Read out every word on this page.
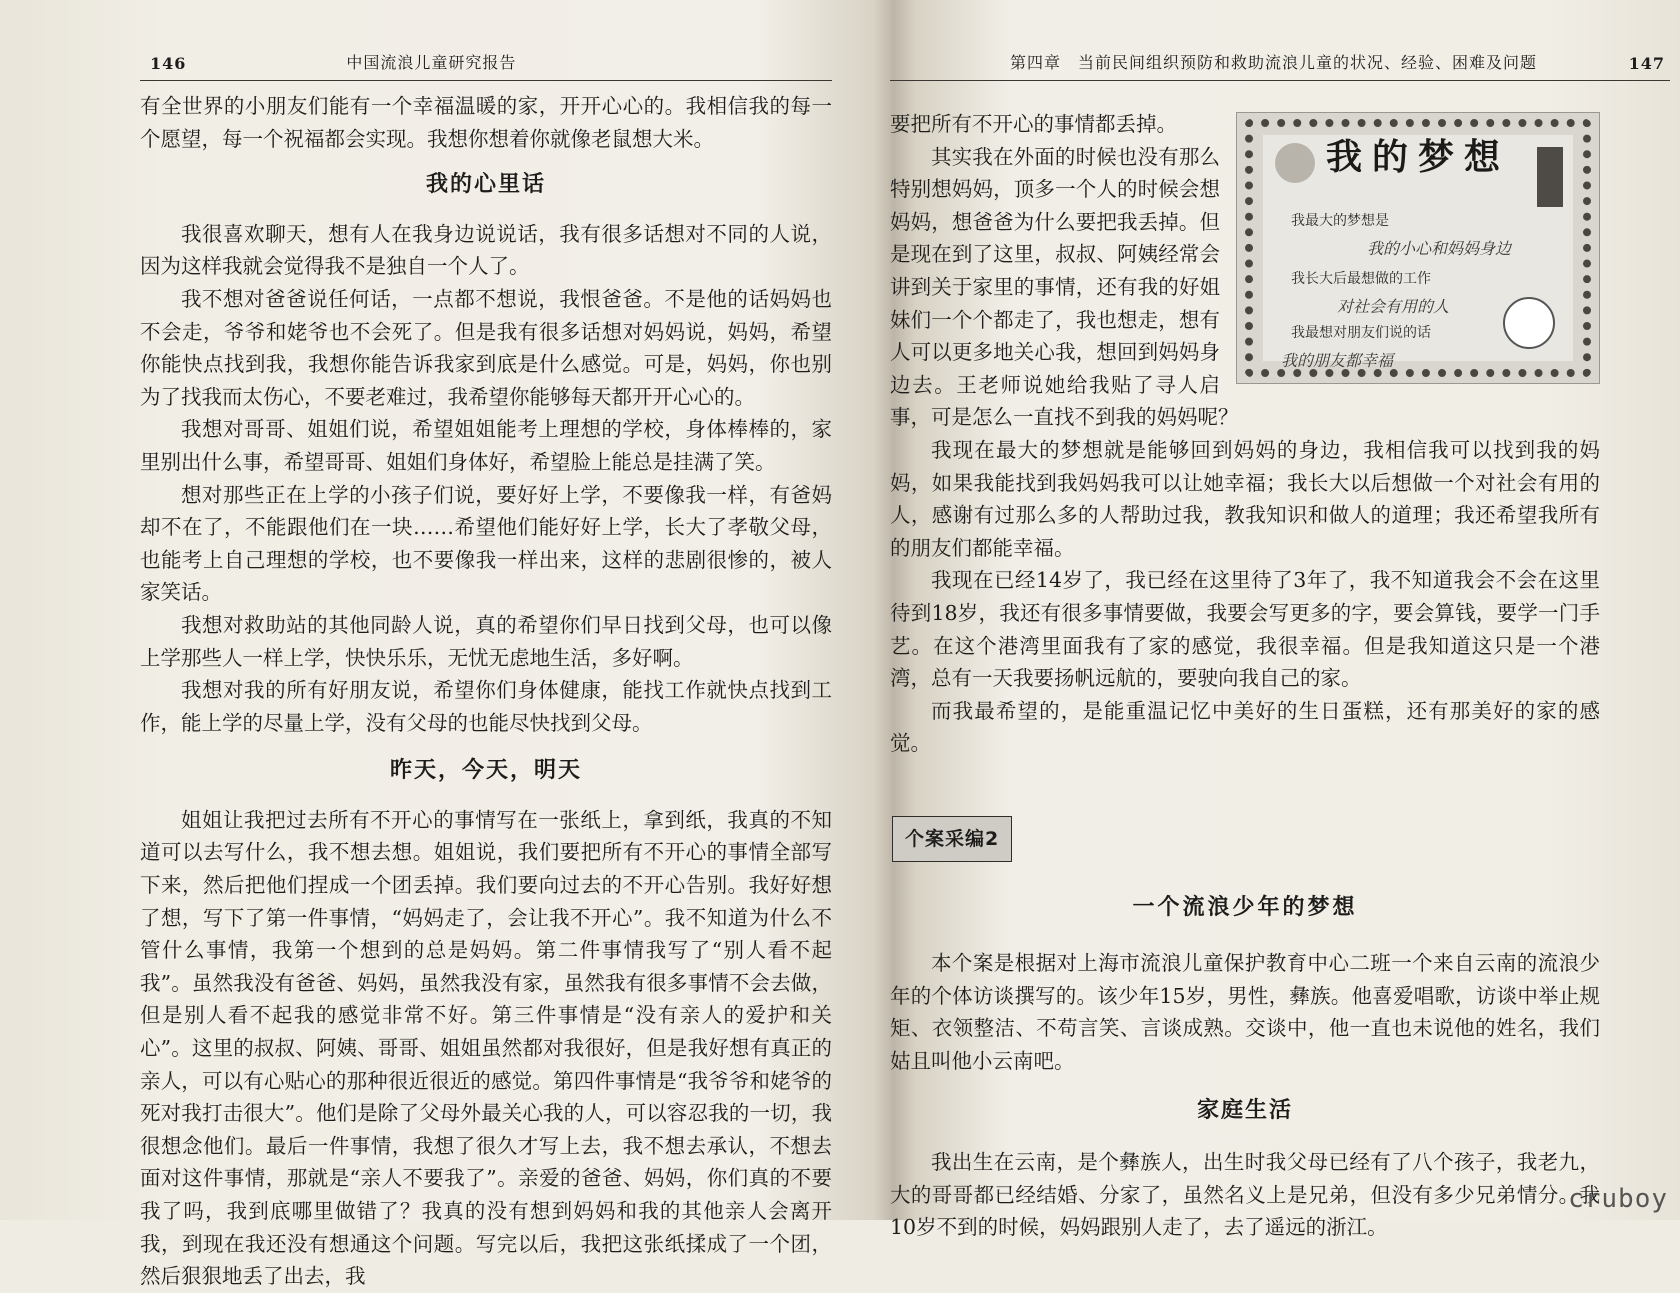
146	中国流浪儿童研究报告

有全世界的小朋友们能有一个幸福温暖的家，开开心心的。我相信我的每一个愿望，每一个祝福都会实现。我想你想着你就像老鼠想大米。

我的心里话

我很喜欢聊天，想有人在我身边说说话，我有很多话想对不同的人说，因为这样我就会觉得我不是独自一个人了。

我不想对爸爸说任何话，一点都不想说，我恨爸爸。不是他的话妈妈也不会走，爷爷和姥爷也不会死了。但是我有很多话想对妈妈说，妈妈，希望你能快点找到我，我想你能告诉我家到底是什么感觉。可是，妈妈，你也别为了找我而太伤心，不要老难过，我希望你能够每天都开开心心的。

我想对哥哥、姐姐们说，希望姐姐能考上理想的学校，身体棒棒的，家里别出什么事，希望哥哥、姐姐们身体好，希望脸上能总是挂满了笑。

想对那些正在上学的小孩子们说，要好好上学，不要像我一样，有爸妈却不在了，不能跟他们在一块……希望他们能好好上学，长大了孝敬父母，也能考上自己理想的学校，也不要像我一样出来，这样的悲剧很惨的，被人家笑话。

我想对救助站的其他同龄人说，真的希望你们早日找到父母，也可以像上学那些人一样上学，快快乐乐，无忧无虑地生活，多好啊。

我想对我的所有好朋友说，希望你们身体健康，能找工作就快点找到工作，能上学的尽量上学，没有父母的也能尽快找到父母。

昨天，今天，明天

姐姐让我把过去所有不开心的事情写在一张纸上，拿到纸，我真的不知道可以去写什么，我不想去想。姐姐说，我们要把所有不开心的事情全部写下来，然后把他们捏成一个团丢掉。我们要向过去的不开心告别。我好好想了想，写下了第一件事情，“妈妈走了，会让我不开心”。我不知道为什么不管什么事情，我第一个想到的总是妈妈。第二件事情我写了“别人看不起我”。虽然我没有爸爸、妈妈，虽然我没有家，虽然我有很多事情不会去做，但是别人看不起我的感觉非常不好。第三件事情是“没有亲人的爱护和关心”。这里的叔叔、阿姨、哥哥、姐姐虽然都对我很好，但是我好想有真正的亲人，可以有心贴心的那种很近很近的感觉。第四件事情是“我爷爷和姥爷的死对我打击很大”。他们是除了父母外最关心我的人，可以容忍我的一切，我很想念他们。最后一件事情，我想了很久才写上去，我不想去承认，不想去面对这件事情，那就是“亲人不要我了”。亲爱的爸爸、妈妈，你们真的不要我了吗，我到底哪里做错了？我真的没有想到妈妈和我的其他亲人会离开我，到现在我还没有想通这个问题。写完以后，我把这张纸揉成了一个团，然后狠狠地丢了出去，我

第四章　当前民间组织预防和救助流浪儿童的状况、经验、困难及问题	147
我的梦想
我最大的梦想是
我的小心和妈妈身边
我长大后最想做的工作
对社会有用的人
我最想对朋友们说的话
我的朋友都幸福

要把所有不开心的事情都丢掉。

其实我在外面的时候也没有那么特别想妈妈，顶多一个人的时候会想妈妈，想爸爸为什么要把我丢掉。但是现在到了这里，叔叔、阿姨经常会讲到关于家里的事情，还有我的好姐妹们一个个都走了，我也想走，想有人可以更多地关心我，想回到妈妈身边去。王老师说她给我贴了寻人启事，可是怎么一直找不到我的妈妈呢？

我现在最大的梦想就是能够回到妈妈的身边，我相信我可以找到我的妈妈，如果我能找到我妈妈我可以让她幸福；我长大以后想做一个对社会有用的人，感谢有过那么多的人帮助过我，教我知识和做人的道理；我还希望我所有的朋友们都能幸福。

我现在已经14岁了，我已经在这里待了3年了，我不知道我会不会在这里待到18岁，我还有很多事情要做，我要会写更多的字，要会算钱，要学一门手艺。在这个港湾里面我有了家的感觉，我很幸福。但是我知道这只是一个港湾，总有一天我要扬帆远航的，要驶向我自己的家。

而我最希望的，是能重温记忆中美好的生日蛋糕，还有那美好的家的感觉。

个案采编2
一个流浪少年的梦想

本个案是根据对上海市流浪儿童保护教育中心二班一个来自云南的流浪少年的个体访谈撰写的。该少年15岁，男性，彝族。他喜爱唱歌，访谈中举止规矩、衣领整洁、不苟言笑、言谈成熟。交谈中，他一直也未说他的姓名，我们姑且叫他小云南吧。

家庭生活

我出生在云南，是个彝族人，出生时我父母已经有了八个孩子，我老九，大的哥哥都已经结婚、分家了，虽然名义上是兄弟，但没有多少兄弟情分。我10岁不到的时候，妈妈跟别人走了，去了遥远的浙江。

cruboy
